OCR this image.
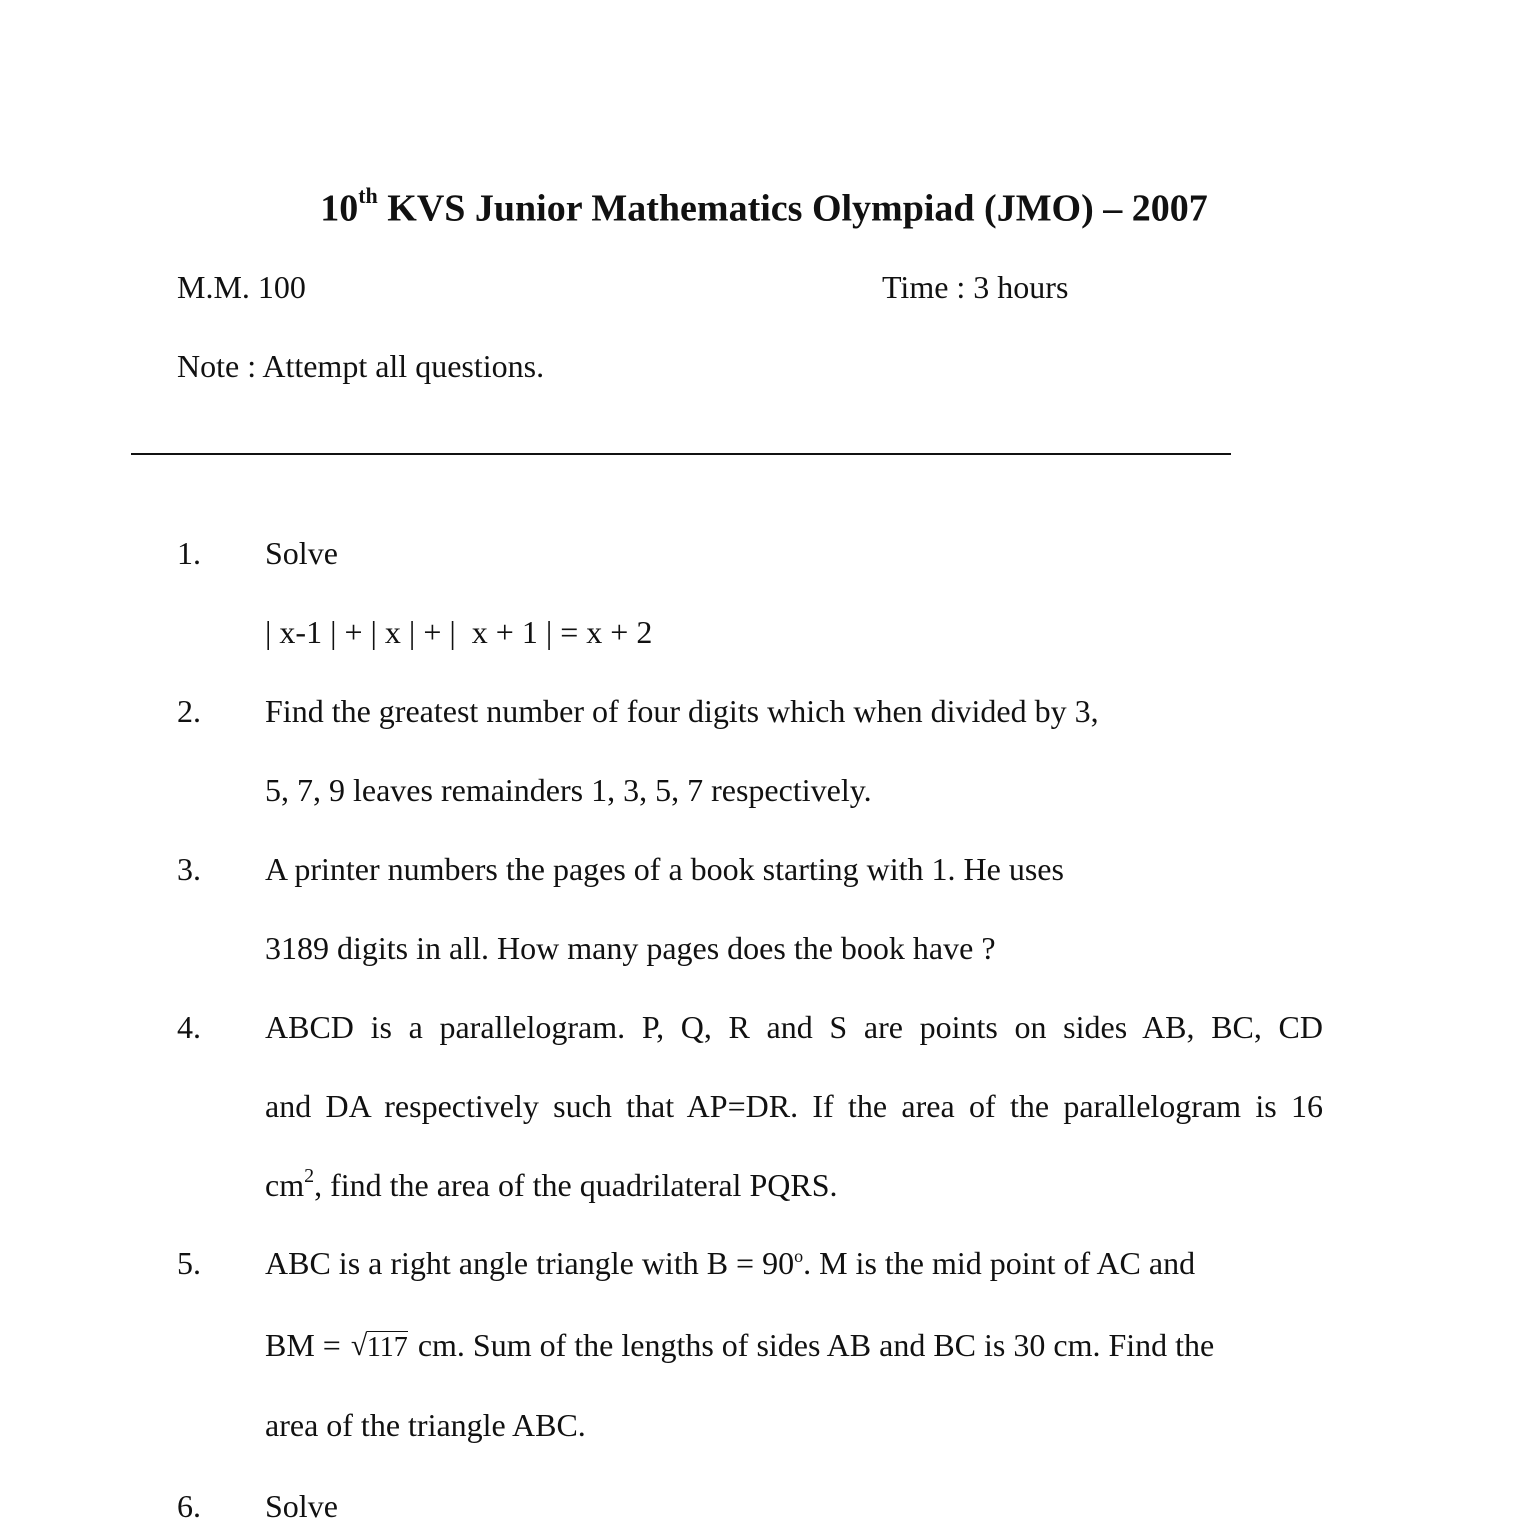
10th KVS Junior Mathematics Olympiad (JMO) – 2007
M.M. 100	Time : 3 hours
Note : Attempt all questions.
1. Solve
| x-1 | + | x | + |  x + 1 | = x + 2
2. Find the greatest number of four digits which when divided by 3,
5, 7, 9 leaves remainders 1, 3, 5, 7 respectively.
3. A printer numbers the pages of a book starting with 1. He uses
3189 digits in all. How many pages does the book have ?
4. ABCD is a parallelogram. P, Q, R and S are points on sides AB, BC, CD
and DA respectively such that AP=DR. If the area of the parallelogram is 16
$cm^2$, find the area of the quadrilateral PQRS.
5. ABC is a right angle triangle with $B = 90^o$. M is the mid point of AC and
BM =√ 117 cm. Sum of the lengths of sides AB and BC is 30 cm. Find the
area of the triangle ABC.
6. Solve
